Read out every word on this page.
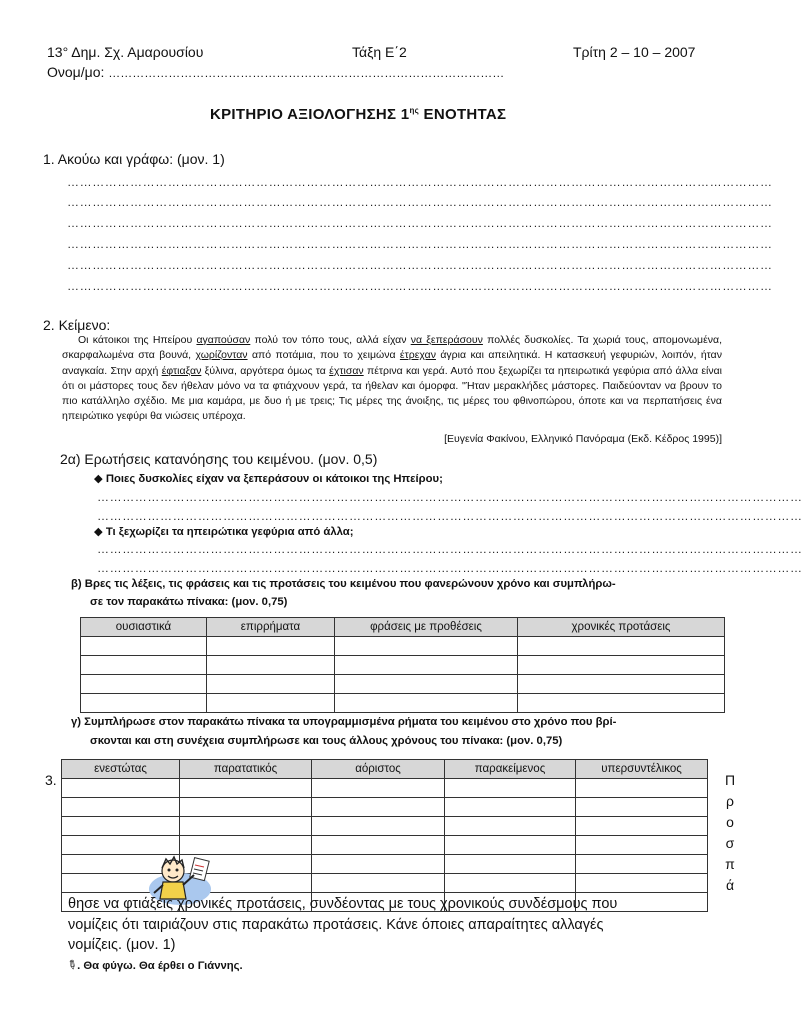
13° Δημ. Σχ. Αμαρουσίου	Τάξη Ε΄2	Τρίτη 2 – 10 – 2007
Ονομ/μο: ………………………………………………………………………………………
ΚΡΙΤΗΡΙΟ ΑΞΙΟΛΟΓΗΣΗΣ $1^{\eta\varsigma}$ ΕΝΟΤΗΤΑΣ
1. Ακούω και γράφω: (μον. 1)
……………………………………………………………………………………………………………………………………………………
……………………………………………………………………………………………………………………………………………………
……………………………………………………………………………………………………………………………………………………
……………………………………………………………………………………………………………………………………………………
……………………………………………………………………………………………………………………………………………………
……………………………………………………………………………………………………………………………………………………
2. Κείμενο:
Οι κάτοικοι της Ηπείρου αγαπούσαν πολύ τον τόπο τους, αλλά είχαν να ξεπεράσουν πολλές δυσκολίες. Τα χωριά τους, απομονωμένα, σκαρφαλωμένα στα βουνά, χωρίζονταν από ποτάμια, που το χειμώνα έτρεχαν άγρια και απειλητικά. Η κατασκευή γεφυριών, λοιπόν, ήταν αναγκαία. Στην αρχή έφτιαξαν ξύλινα, αργότερα όμως τα έχτισαν πέτρινα και γερά. Αυτό που ξεχωρίζει τα ηπειρωτικά γεφύρια από άλλα είναι ότι οι μάστορες τους δεν ήθελαν μόνο να τα φτιάχνουν γερά, τα ήθελαν και όμορφα. "Ήταν μερακλήδες μάστορες. Παιδεύονταν να βρουν το πιο κατάλληλο σχέδιο. Με μια καμάρα, με δυο ή με τρεις; Τις μέρες της άνοιξης, τις μέρες του φθινοπώρου, όποτε και να περπατήσεις ένα ηπειρώτικο γεφύρι θα νιώσεις υπέροχα.
[Ευγενία Φακίνου, Ελληνικό Πανόραμα (Εκδ. Κέδρος 1995)]
2α) Ερωτήσεις κατανόησης του κειμένου. (μον. 0,5)
◆ Ποιες δυσκολίες είχαν να ξεπεράσουν οι κάτοικοι της Ηπείρου;
……………………………………………………………………………………………………………………………………………………
……………………………………………………………………………………………………………………………………………………
◆ Τι ξεχωρίζει τα ηπειρώτικα γεφύρια από άλλα;
……………………………………………………………………………………………………………………………………………………
……………………………………………………………………………………………………………………………………………………
β) Βρες τις λέξεις, τις φράσεις και τις προτάσεις του κειμένου που φανερώνουν χρόνο και συμπλήρω-
σε τον παρακάτω πίνακα: (μον. 0,75)
ουσιαστικά	επιρρήματα	φράσεις με προθέσεις	χρονικές προτάσεις

γ) Συμπλήρωσε στον παρακάτω πίνακα τα υπογραμμισμένα ρήματα του κειμένου στο χρόνο που βρί-
σκονται και στη συνέχεια συμπλήρωσε και τους άλλους χρόνους του πίνακα: (μον. 0,75)
ενεστώτας	παρατατικός	αόριστος	παρακείμενος	υπερσυντέλικος

3.	Π
ρ
ο
σ
π
ά
θησε να φτιάξεις χρονικές προτάσεις, συνδέοντας με τους χρονικούς συνδέσμους που
νομίζεις ότι ταιριάζουν στις παρακάτω προτάσεις. Κάνε όποιες απαραίτητες αλλαγές
νομίζεις. (μον. 1)
✎. Θα φύγω. Θα έρθει ο Γιάννης.
